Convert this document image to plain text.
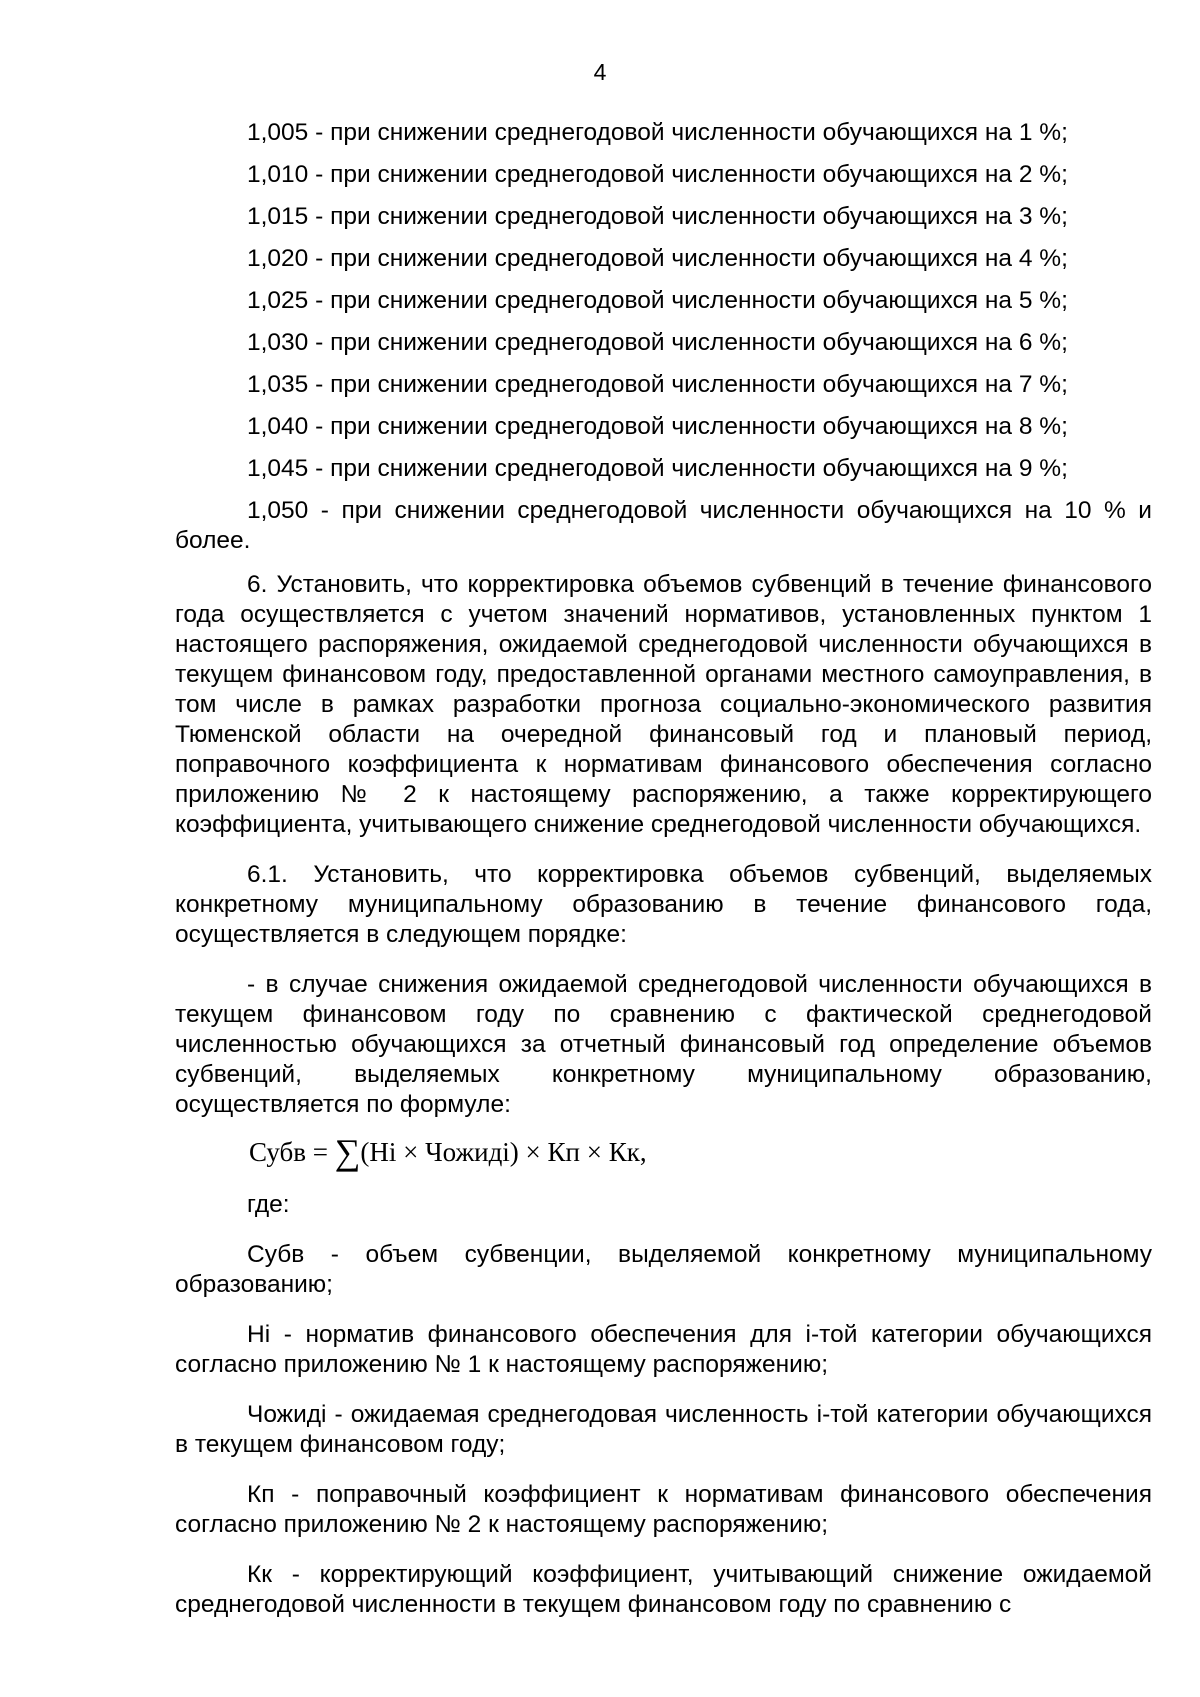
4
1,005 - при снижении среднегодовой численности обучающихся на 1 %;
1,010 - при снижении среднегодовой численности обучающихся на 2 %;
1,015 - при снижении среднегодовой численности обучающихся на 3 %;
1,020 - при снижении среднегодовой численности обучающихся на 4 %;
1,025 - при снижении среднегодовой численности обучающихся на 5 %;
1,030 - при снижении среднегодовой численности обучающихся на 6 %;
1,035 - при снижении среднегодовой численности обучающихся на 7 %;
1,040 - при снижении среднегодовой численности обучающихся на 8 %;
1,045 - при снижении среднегодовой численности обучающихся на 9 %;

1,050 - при снижении среднегодовой численности обучающихся на 10 % и более.

6. Установить, что корректировка объемов субвенций в течение финансового года осуществляется с учетом значений нормативов, установленных пунктом 1 настоящего распоряжения, ожидаемой среднегодовой численности обучающихся в текущем финансовом году, предоставленной органами местного самоуправления, в том числе в рамках разработки прогноза социально-экономического развития Тюменской области на очередной финансовый год и плановый период, поправочного коэффициента к нормативам финансового обеспечения согласно приложению № 2 к настоящему распоряжению, а также корректирующего коэффициента, учитывающего снижение среднегодовой численности обучающихся.

6.1. Установить, что корректировка объемов субвенций, выделяемых конкретному муниципальному образованию в течение финансового года, осуществляется в следующем порядке:

- в случае снижения ожидаемой среднегодовой численности обучающихся в текущем финансовом году по сравнению с фактической среднегодовой численностью обучающихся за отчетный финансовый год определение объемов субвенций, выделяемых конкретному муниципальному образованию, осуществляется по формуле:

Субв = ∑(Hi × Чожиді) × Кп × Кк,
где:

Субв - объем субвенции, выделяемой конкретному муниципальному образованию;

Hi - норматив финансового обеспечения для і-той категории обучающихся согласно приложению № 1 к настоящему распоряжению;

Чожиді - ожидаемая среднегодовая численность і-той категории обучающихся в текущем финансовом году;

Кп - поправочный коэффициент к нормативам финансового обеспечения согласно приложению № 2 к настоящему распоряжению;

Кк - корректирующий коэффициент, учитывающий снижение ожидаемой среднегодовой численности в текущем финансовом году по сравнению с
